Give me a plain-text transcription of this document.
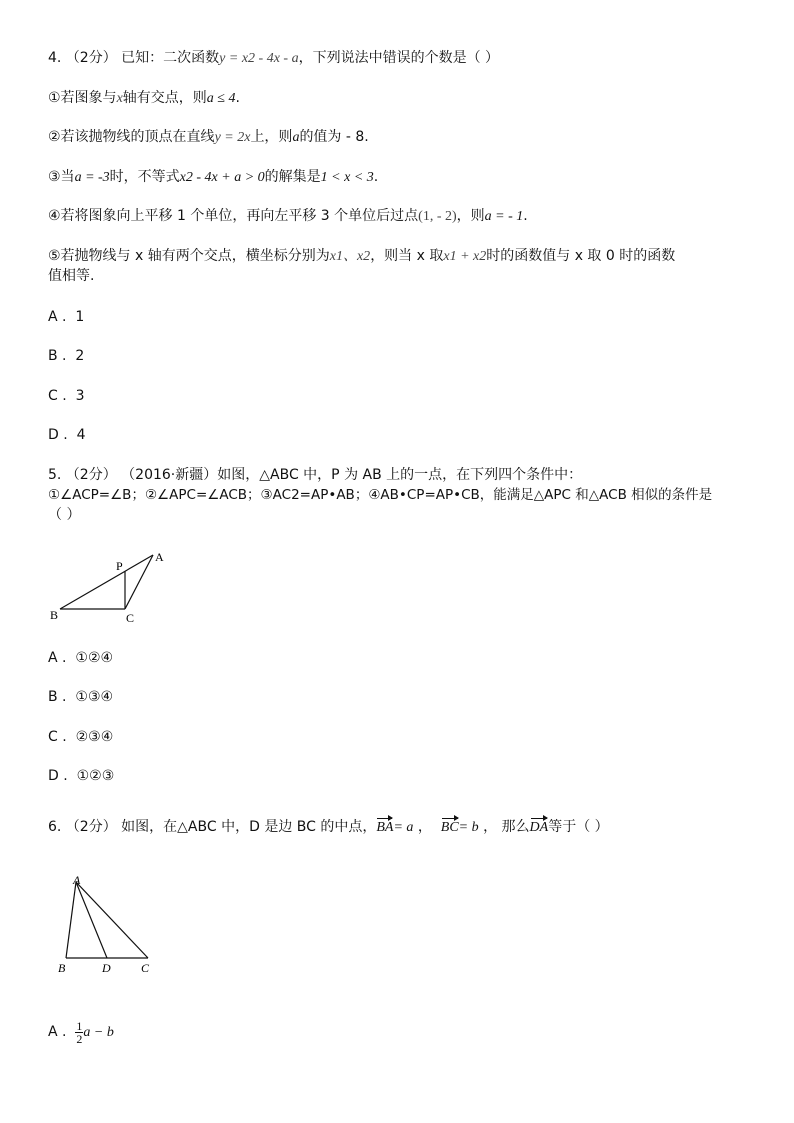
4. （2分） 已知：二次函数y = x2 - 4x - a，下列说法中错误的个数是（ ）
①若图象与x轴有交点，则a ≤ 4.
②若该抛物线的顶点在直线y = 2x上，则a的值为 - 8.
③当a = -3时，不等式x2 - 4x + a > 0的解集是1 < x < 3.
④若将图象向上平移 1 个单位，再向左平移 3 个单位后过点(1, - 2)，则a = - 1.
⑤若抛物线与 x 轴有两个交点，横坐标分别为x1、x2，则当 x 取x1 + x2时的函数值与 x 取 0 时的函数
值相等.
A . 1
B . 2
C . 3
D . 4
5. （2分） （2016·新疆）如图，△ABC 中，P 为 AB 上的一点，在下列四个条件中：
①∠ACP=∠B；②∠APC=∠ACB；③AC2=AP•AB；④AB•CP=AP•CB，能满足△APC 和△ACB 相似的条件是
（ ）
A
B	C
P
A . ①②④
B . ①③④
C . ②③④
D . ①②③
6. （2分） 如图，在△ABC 中，D 是边 BC 的中点，BA= a ， BC= b ， 那么DA等于（ ）
A
B	D	C
A . $\frac{1}{2}$ a − b
